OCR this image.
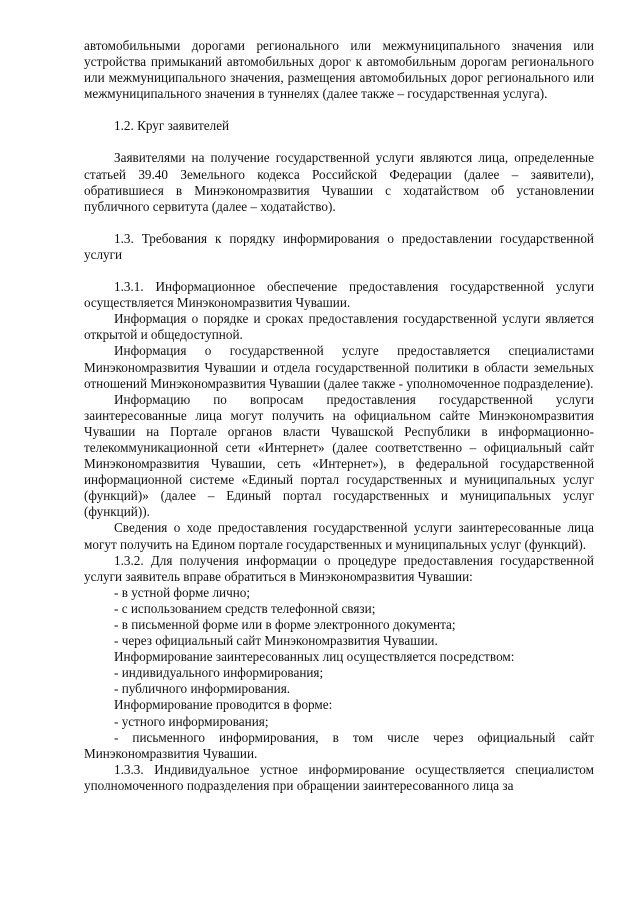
автомобильными дорогами регионального или межмуниципального значения или устройства примыканий автомобильных дорог к автомобильным дорогам регионального или межмуниципального значения, размещения автомобильных дорог регионального или межмуниципального значения в туннелях (далее также – государственная услуга).

1.2. Круг заявителей

Заявителями на получение государственной услуги являются лица, определенные статьей 39.40 Земельного кодекса Российской Федерации (далее – заявители), обратившиеся в Минэкономразвития Чувашии с ходатайством об установлении публичного сервитута (далее – ходатайство).

1.3. Требования к порядку информирования о предоставлении государственной услуги

1.3.1. Информационное обеспечение предоставления государственной услуги осуществляется Минэкономразвития Чувашии.

Информация о порядке и сроках предоставления государственной услуги является открытой и общедоступной.

Информация о государственной услуге предоставляется специалистами Минэкономразвития Чувашии и отдела государственной политики в области земельных отношений Минэкономразвития Чувашии (далее также - уполномоченное подразделение).

Информацию по вопросам предоставления государственной услуги заинтересованные лица могут получить на официальном сайте Минэкономразвития Чувашии на Портале органов власти Чувашской Республики в информационно-телекоммуникационной сети «Интернет» (далее соответственно – официальный сайт Минэкономразвития Чувашии, сеть «Интернет»), в федеральной государственной информационной системе «Единый портал государственных и муниципальных услуг (функций)» (далее – Единый портал государственных и муниципальных услуг (функций)).

Сведения о ходе предоставления государственной услуги заинтересованные лица могут получить на Едином портале государственных и муниципальных услуг (функций).

1.3.2. Для получения информации о процедуре предоставления государственной услуги заявитель вправе обратиться в Минэкономразвития Чувашии:

- в устной форме лично;

- с использованием средств телефонной связи;

- в письменной форме или в форме электронного документа;

- через официальный сайт Минэкономразвития Чувашии.

Информирование заинтересованных лиц осуществляется посредством:

- индивидуального информирования;

- публичного информирования.

Информирование проводится в форме:

- устного информирования;

- письменного информирования, в том числе через официальный сайт Минэкономразвития Чувашии.

1.3.3. Индивидуальное устное информирование осуществляется специалистом уполномоченного подразделения при обращении заинтересованного лица за
